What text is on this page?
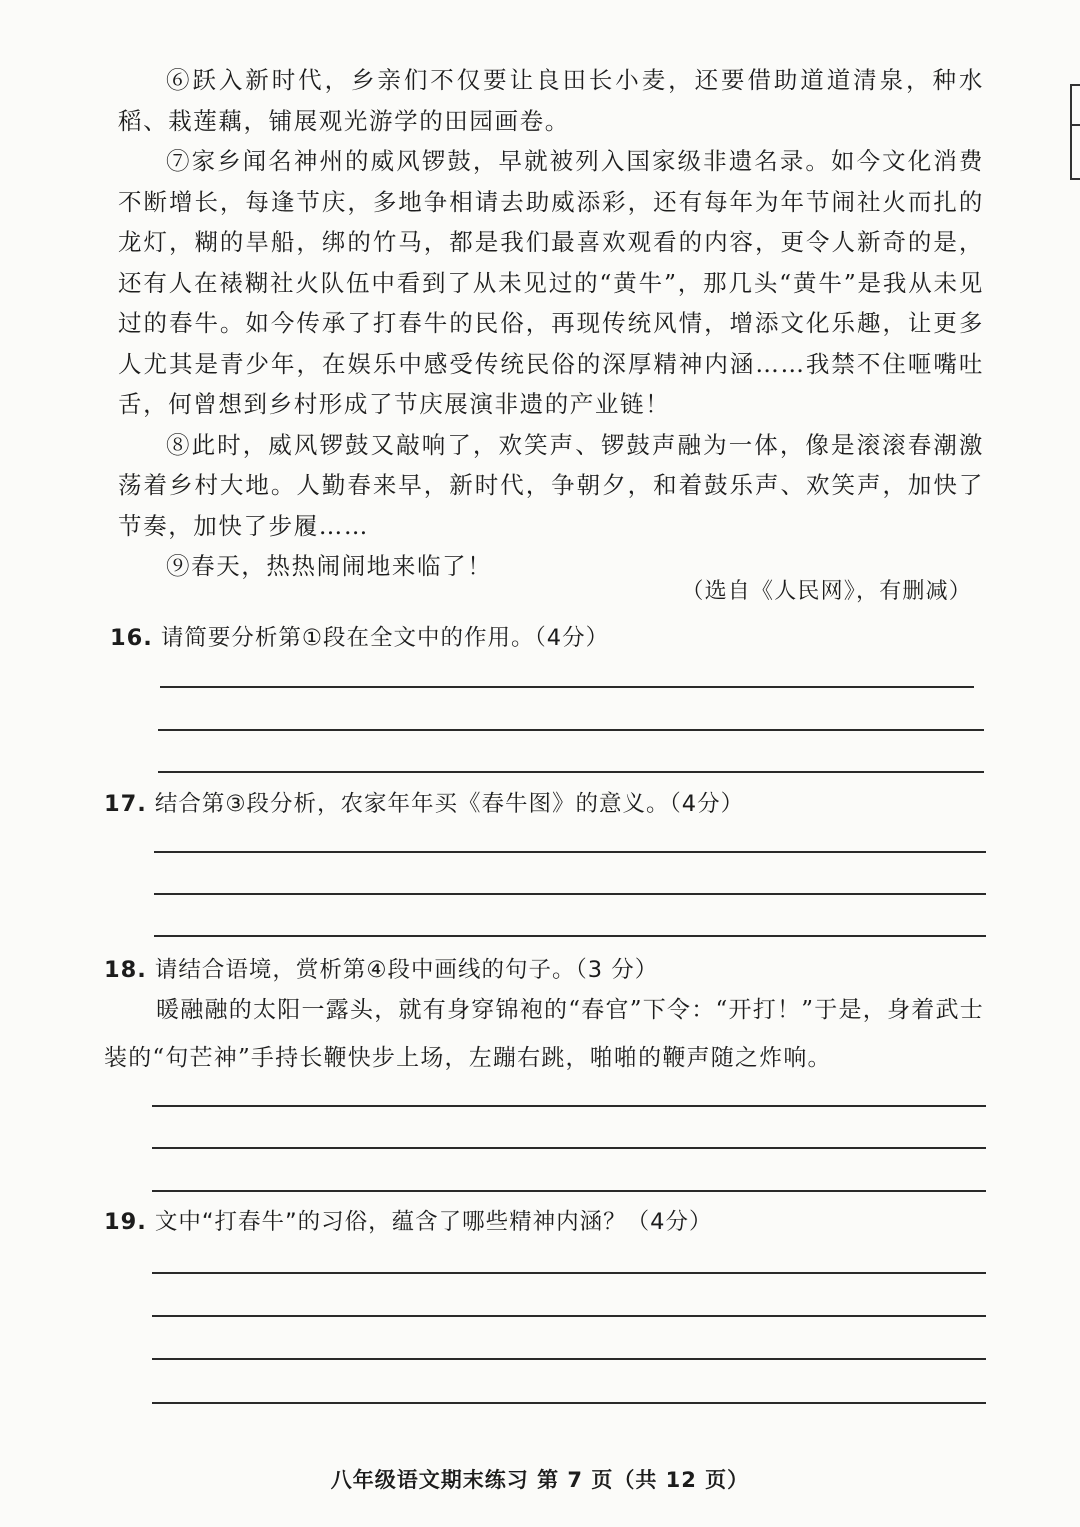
⑥跃入新时代，乡亲们不仅要让良田长小麦，还要借助道道清泉，种水稻、栽莲藕，铺展观光游学的田园画卷。

⑦家乡闻名神州的威风锣鼓，早就被列入国家级非遗名录。如今文化消费不断增长，每逢节庆，多地争相请去助威添彩，还有每年为年节闹社火而扎的龙灯，糊的旱船，绑的竹马，都是我们最喜欢观看的内容，更令人新奇的是，还有人在裱糊社火队伍中看到了从未见过的“黄牛”，那几头“黄牛”是我从未见过的春牛。如今传承了打春牛的民俗，再现传统风情，增添文化乐趣，让更多人尤其是青少年，在娱乐中感受传统民俗的深厚精神内涵……我禁不住咂嘴吐舌，何曾想到乡村形成了节庆展演非遗的产业链！

⑧此时，威风锣鼓又敲响了，欢笑声、锣鼓声融为一体，像是滚滚春潮激荡着乡村大地。人勤春来早，新时代，争朝夕，和着鼓乐声、欢笑声，加快了节奏，加快了步履……

⑨春天，热热闹闹地来临了！

（选自《人民网》，有删减）
16. 请简要分析第①段在全文中的作用。（4分）
17. 结合第③段分析，农家年年买《春牛图》的意义。（4分）
18. 请结合语境，赏析第④段中画线的句子。（3 分）

暖融融的太阳一露头，就有身穿锦袍的“春官”下令：“开打！”于是，身着武士装的“句芒神”手持长鞭快步上场，左蹦右跳，啪啪的鞭声随之炸响。

19. 文中“打春牛”的习俗，蕴含了哪些精神内涵？（4分）
八年级语文期末练习 第 7 页（共 12 页）
